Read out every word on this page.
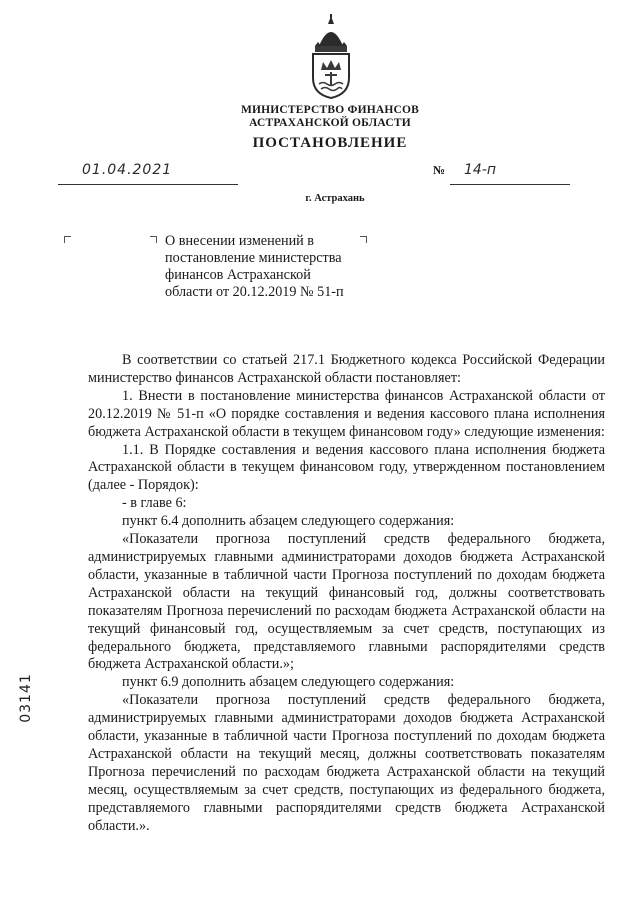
МИНИСТЕРСТВО ФИНАНСОВ
АСТРАХАНСКОЙ ОБЛАСТИ
ПОСТАНОВЛЕНИЕ
01.04.2021	№ 14-п
г. Астрахань
О внесении изменений в
постановление министерства
финансов Астраханской
области от 20.12.2019 № 51-п

В соответствии со статьей 217.1 Бюджетного кодекса Российской Федерации министерство финансов Астраханской области постановляет:

1. Внести в постановление министерства финансов Астраханской области от 20.12.2019 № 51-п «О порядке составления и ведения кассового плана исполнения бюджета Астраханской области в текущем финансовом году» следующие изменения:

1.1. В Порядке составления и ведения кассового плана исполнения бюджета Астраханской области в текущем финансовом году, утвержденном постановлением (далее - Порядок):

- в главе 6:

пункт 6.4 дополнить абзацем следующего содержания:

«Показатели прогноза поступлений средств федерального бюджета, администрируемых главными администраторами доходов бюджета Астраханской области, указанные в табличной части Прогноза поступлений по доходам бюджета Астраханской области на текущий финансовый год, должны соответствовать показателям Прогноза перечислений по расходам бюджета Астраханской области на текущий финансовый год, осуществляемым за счет средств, поступающих из федерального бюджета, представляемого главными распорядителями средств бюджета Астраханской области.»;

пункт 6.9 дополнить абзацем следующего содержания:

«Показатели прогноза поступлений средств федерального бюджета, администрируемых главными администраторами доходов бюджета Астраханской области, указанные в табличной части Прогноза поступлений по доходам бюджета Астраханской области на текущий месяц, должны соответствовать показателям Прогноза перечислений по расходам бюджета Астраханской области на текущий месяц, осуществляемым за счет средств, поступающих из федерального бюджета, представляемого главными распорядителями средств бюджета Астраханской области.».

03141
